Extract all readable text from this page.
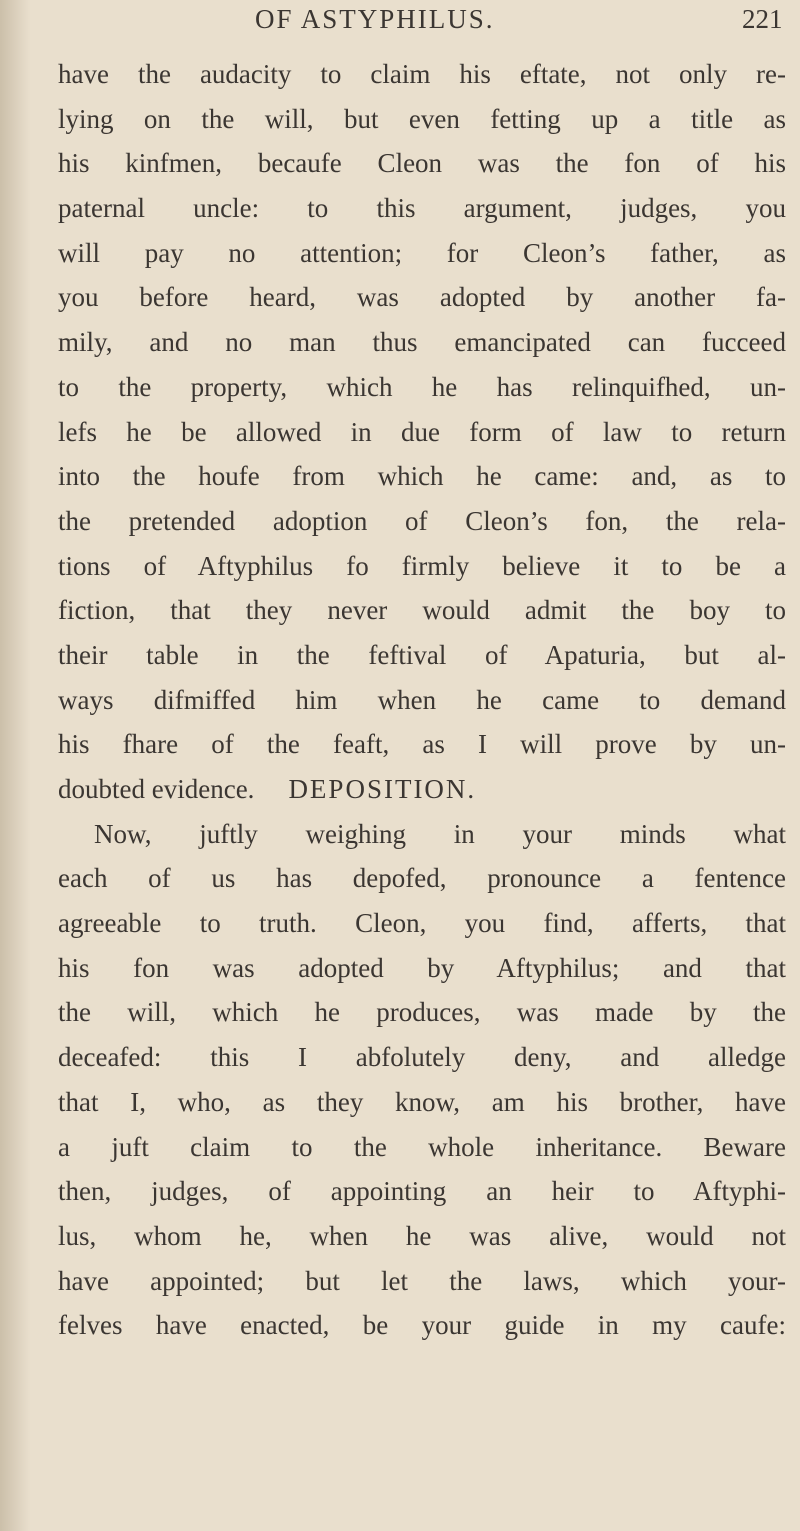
OF ASTYPHILUS.	221
have the audacity to claim his eftate, not only re-
lying on the will, but even fetting up a title as
his kinfmen, becaufe Cleon was the fon of his
paternal uncle: to this argument, judges, you
will pay no attention; for Cleon’s father, as
you before heard, was adopted by another fa-
mily, and no man thus emancipated can fucceed
to the property, which he has relinquifhed, un-
lefs he be allowed in due form of law to return
into the houfe from which he came: and, as to
the pretended adoption of Cleon’s fon, the rela-
tions of Aftyphilus fo firmly believe it to be a
fiction, that they never would admit the boy to
their table in the feftival of Apaturia, but al-
ways difmiffed him when he came to demand
his fhare of the feaft, as I will prove by un-
doubted evidence. DEPOSITION.
Now, juftly weighing in your minds what
each of us has depofed, pronounce a fentence
agreeable to truth. Cleon, you find, afferts, that
his fon was adopted by Aftyphilus; and that
the will, which he produces, was made by the
deceafed: this I abfolutely deny, and alledge
that I, who, as they know, am his brother, have
a juft claim to the whole inheritance. Beware
then, judges, of appointing an heir to Aftyphi-
lus, whom he, when he was alive, would not
have appointed; but let the laws, which your-
felves have enacted, be your guide in my caufe:
